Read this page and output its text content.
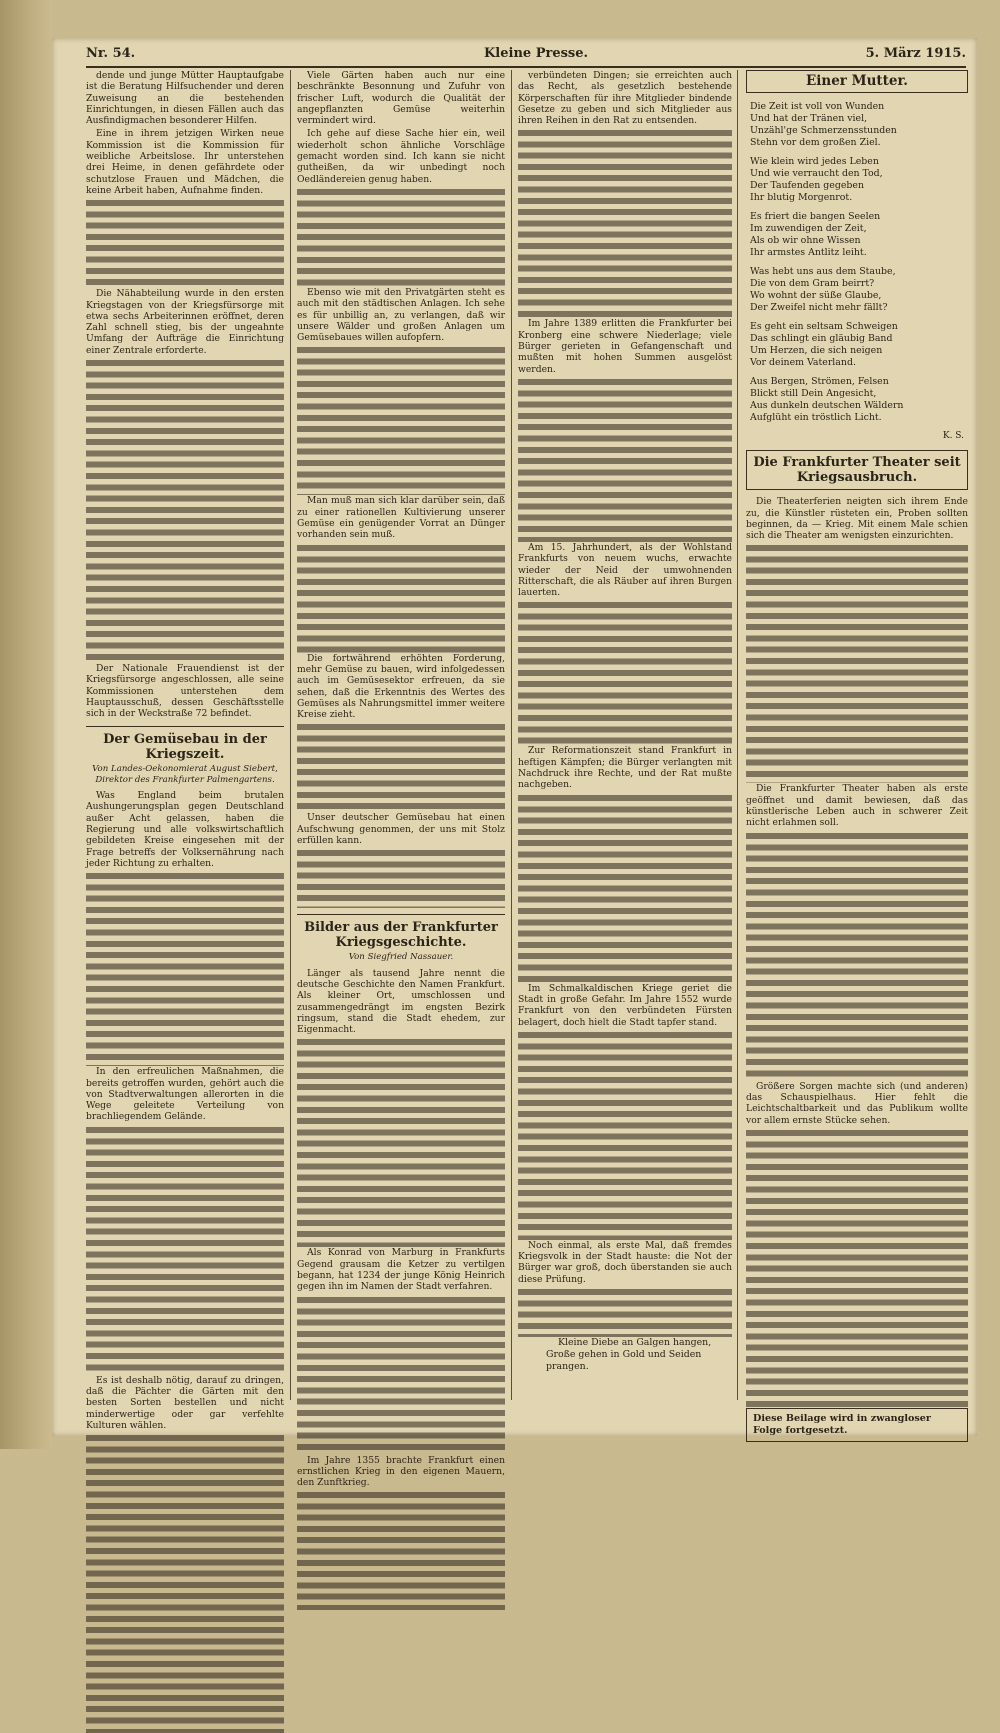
Nr. 54.	Kleine Presse.	5. März 1915.

dende und junge Mütter Hauptaufgabe ist die Beratung Hilfsuchender und deren Zuweisung an die bestehenden Einrichtungen, in diesen Fällen auch das Ausfindigmachen besonderer Hilfen.

Eine in ihrem jetzigen Wirken neue Kommission ist die Kommission für weibliche Arbeitslose. Ihr unterstehen drei Heime, in denen gefährdete oder schutzlose Frauen und Mädchen, die keine Arbeit haben, Aufnahme finden.

Die Nähabteilung wurde in den ersten Kriegstagen von der Kriegsfürsorge mit etwa sechs Arbeiterinnen eröffnet, deren Zahl schnell stieg, bis der ungeahnte Umfang der Aufträge die Einrichtung einer Zentrale erforderte.

Der Nationale Frauendienst ist der Kriegsfürsorge angeschlossen, alle seine Kommissionen unterstehen dem Hauptausschuß, dessen Geschäftsstelle sich in der Weckstraße 72 befindet.

Der Gemüsebau in der Kriegszeit.
Von Landes-Oekonomierat August Siebert, Direktor des Frankfurter Palmengartens.

Was England beim brutalen Aushungerungsplan gegen Deutschland außer Acht gelassen, haben die Regierung und alle volkswirtschaftlich gebildeten Kreise eingesehen mit der Frage betreffs der Volksernährung nach jeder Richtung zu erhalten.

In den erfreulichen Maßnahmen, die bereits getroffen wurden, gehört auch die von Stadtverwaltungen allerorten in die Wege geleitete Verteilung von brachliegendem Gelände.

Es ist deshalb nötig, darauf zu dringen, daß die Pächter die Gärten mit den besten Sorten bestellen und nicht minderwertige oder gar verfehlte Kulturen wählen.

Viele Gärten haben auch nur eine beschränkte Besonnung und Zufuhr von frischer Luft, wodurch die Qualität der angepflanzten Gemüse weiterhin vermindert wird.

Ich gehe auf diese Sache hier ein, weil wiederholt schon ähnliche Vorschläge gemacht worden sind. Ich kann sie nicht gutheißen, da wir unbedingt noch Oedländereien genug haben.

Ebenso wie mit den Privatgärten steht es auch mit den städtischen Anlagen. Ich sehe es für unbillig an, zu verlangen, daß wir unsere Wälder und großen Anlagen um Gemüsebaues willen aufopfern.

Man muß man sich klar darüber sein, daß zu einer rationellen Kultivierung unserer Gemüse ein genügender Vorrat an Dünger vorhanden sein muß.

Die fortwährend erhöhten Forderung, mehr Gemüse zu bauen, wird infolgedessen auch im Gemüsesektor erfreuen, da sie sehen, daß die Erkenntnis des Wertes des Gemüses als Nahrungsmittel immer weitere Kreise zieht.

Unser deutscher Gemüsebau hat einen Aufschwung genommen, der uns mit Stolz erfüllen kann.

Bilder aus der Frankfurter Kriegsgeschichte.
Von Siegfried Nassauer.

Länger als tausend Jahre nennt die deutsche Geschichte den Namen Frankfurt. Als kleiner Ort, umschlossen und zusammengedrängt im engsten Bezirk ringsum, stand die Stadt ehedem, zur Eigenmacht.

Als Konrad von Marburg in Frankfurts Gegend grausam die Ketzer zu vertilgen begann, hat 1234 der junge König Heinrich gegen ihn im Namen der Stadt verfahren.

Im Jahre 1355 brachte Frankfurt einen ernstlichen Krieg in den eigenen Mauern, den Zunftkrieg.

verbündeten Dingen; sie erreichten auch das Recht, als gesetzlich bestehende Körperschaften für ihre Mitglieder bindende Gesetze zu geben und sich Mitglieder aus ihren Reihen in den Rat zu entsenden.

Im Jahre 1389 erlitten die Frankfurter bei Kronberg eine schwere Niederlage; viele Bürger gerieten in Gefangenschaft und mußten mit hohen Summen ausgelöst werden.

Am 15. Jahrhundert, als der Wohlstand Frankfurts von neuem wuchs, erwachte wieder der Neid der umwohnenden Ritterschaft, die als Räuber auf ihren Burgen lauerten.

Zur Reformationszeit stand Frankfurt in heftigen Kämpfen; die Bürger verlangten mit Nachdruck ihre Rechte, und der Rat mußte nachgeben.

Im Schmalkaldischen Kriege geriet die Stadt in große Gefahr. Im Jahre 1552 wurde Frankfurt von den verbündeten Fürsten belagert, doch hielt die Stadt tapfer stand.

Noch einmal, als erste Mal, daß fremdes Kriegsvolk in der Stadt hauste: die Not der Bürger war groß, doch überstanden sie auch diese Prüfung.

Kleine Diebe an Galgen hangen,

Große gehen in Gold und Seiden prangen.

Einer Mutter.

Die Zeit ist voll von Wunden

Und hat der Tränen viel,

Unzähl'ge Schmerzensstunden

Stehn vor dem großen Ziel.

Wie klein wird jedes Leben

Und wie verraucht den Tod,

Der Taufenden gegeben

Ihr blutig Morgenrot.

Es friert die bangen Seelen

Im zuwendigen der Zeit,

Als ob wir ohne Wissen

Ihr armstes Antlitz leiht.

Was hebt uns aus dem Staube,

Die von dem Gram beirrt?

Wo wohnt der süße Glaube,

Der Zweifel nicht mehr fällt?

Es geht ein seltsam Schweigen

Das schlingt ein gläubig Band

Um Herzen, die sich neigen

Vor deinem Vaterland.

Aus Bergen, Strömen, Felsen

Blickt still Dein Angesicht,

Aus dunkeln deutschen Wäldern

Aufglüht ein tröstlich Licht.

K. S.
Die Frankfurter Theater seit Kriegsausbruch.

Die Theaterferien neigten sich ihrem Ende zu, die Künstler rüsteten ein, Proben sollten beginnen, da — Krieg. Mit einem Male schien sich die Theater am wenigsten einzurichten.

Die Frankfurter Theater haben als erste geöffnet und damit bewiesen, daß das künstlerische Leben auch in schwerer Zeit nicht erlahmen soll.

Größere Sorgen machte sich (und anderen) das Schauspielhaus. Hier fehlt die Leichtschaltbarkeit und das Publikum wollte vor allem ernste Stücke sehen.

Diese Beilage wird in zwangloser Folge fortgesetzt.
